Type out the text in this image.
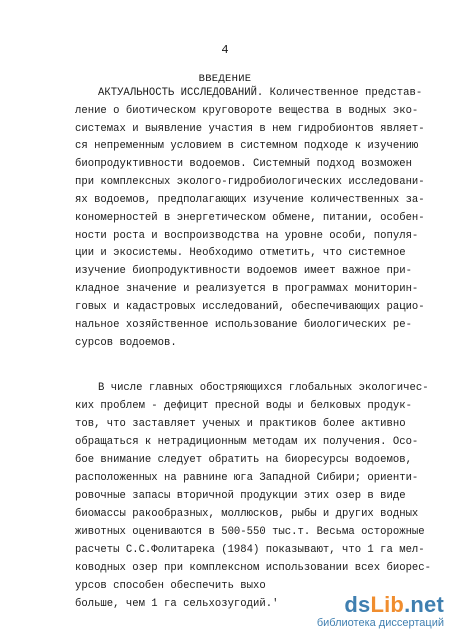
4
ВВЕДЕНИЕ
АКТУАЛЬНОСТЬ ИССЛЕДОВАНИЙ. Количественное представ-
ление о биотическом круговороте вещества в водных эко-
системах и выявление участия в нем гидробионтов являет-
ся непременным условием в системном подходе к изучению
биопродуктивности водоемов. Системный подход возможен
при комплексных эколого-гидробиологических исследовани-
ях водоемов, предполагающих изучение количественных за-
кономерностей в энергетическом обмене, питании, особен-
ности роста и воспроизводства на уровне особи, популя-
ции и экосистемы. Необходимо отметить, что системное
изучение биопродуктивности водоемов имеет важное при-
кладное значение и реализуется в программах мониторин-
говых и кадастровых исследований, обеспечивающих рацио-
нальное хозяйственное использование биологических ре-
сурсов водоемов.
В числе главных обостряющихся глобальных экологичес-
ких проблем - дефицит пресной воды и белковых продук-
тов, что заставляет ученых и практиков более активно
обращаться к нетрадиционным методам их получения. Осо-
бое внимание следует обратить на биоресурсы водоемов,
расположенных на равнине юга Западной Сибири; ориенти-
ровочные запасы вторичной продукции этих озер в виде
биомассы ракообразных, моллюсков, рыбы и других водных
животных оцениваются в 500-550 тыс.т. Весьма осторожные
расчеты С.С.Фолитарека (1984) показывают, что 1 га мел-
ководных озер при комплексном использовании всех биорес-
урсов способен обеспечить выхо
больше, чем 1 га сельхозугодий.'	dsLib.net
библиотека диссертаций
